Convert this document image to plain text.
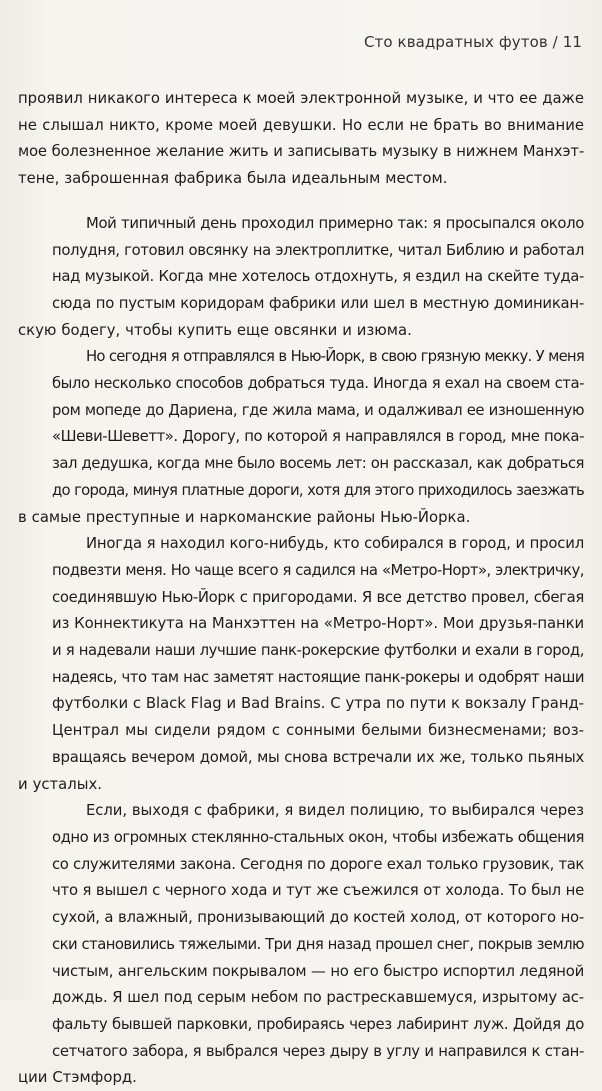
Сто квадратных футов / 11

проявил никакого интереса к моей электронной музыке, и что ее даже
не слышал никто, кроме моей девушки. Но если не брать во внимание
мое болезненное желание жить и записывать музыку в нижнем Манхэт-
тене, заброшенная фабрика была идеальным местом.

Мой типичный день проходил примерно так: я просыпался около
полудня, готовил овсянку на электроплитке, читал Библию и работал
над музыкой. Когда мне хотелось отдохнуть, я ездил на скейте туда-
сюда по пустым коридорам фабрики или шел в местную доминикан-
скую бодегу, чтобы купить еще овсянки и изюма.

Но сегодня я отправлялся в Нью-Йорк, в свою грязную мекку. У меня
было несколько способов добраться туда. Иногда я ехал на своем ста-
ром мопеде до Дариена, где жила мама, и одалживал ее изношенную
«Шеви-Шеветт». Дорогу, по которой я направлялся в город, мне пока-
зал дедушка, когда мне было восемь лет: он рассказал, как добраться
до города, минуя платные дороги, хотя для этого приходилось заезжать
в самые преступные и наркоманские районы Нью-Йорка.

Иногда я находил кого-нибудь, кто собирался в город, и просил
подвезти меня. Но чаще всего я садился на «Метро-Норт», электричку,
соединявшую Нью-Йорк с пригородами. Я все детство провел, сбегая
из Коннектикута на Манхэттен на «Метро-Норт». Мои друзья-панки
и я надевали наши лучшие панк-рокерские футболки и ехали в город,
надеясь, что там нас заметят настоящие панк-рокеры и одобрят наши
футболки с Black Flag и Bad Brains. С утра по пути к вокзалу Гранд-
Централ мы сидели рядом с сонными белыми бизнесменами; воз-
вращаясь вечером домой, мы снова встречали их же, только пьяных
и усталых.

Если, выходя с фабрики, я видел полицию, то выбирался через
одно из огромных стеклянно-стальных окон, чтобы избежать общения
со служителями закона. Сегодня по дороге ехал только грузовик, так
что я вышел с черного хода и тут же съежился от холода. То был не
сухой, а влажный, пронизывающий до костей холод, от которого но-
ски становились тяжелыми. Три дня назад прошел снег, покрыв землю
чистым, ангельским покрывалом — но его быстро испортил ледяной
дождь. Я шел под серым небом по растрескавшемуся, изрытому ас-
фальту бывшей парковки, пробираясь через лабиринт луж. Дойдя до
сетчатого забора, я выбрался через дыру в углу и направился к стан-
ции Стэмфорд.
